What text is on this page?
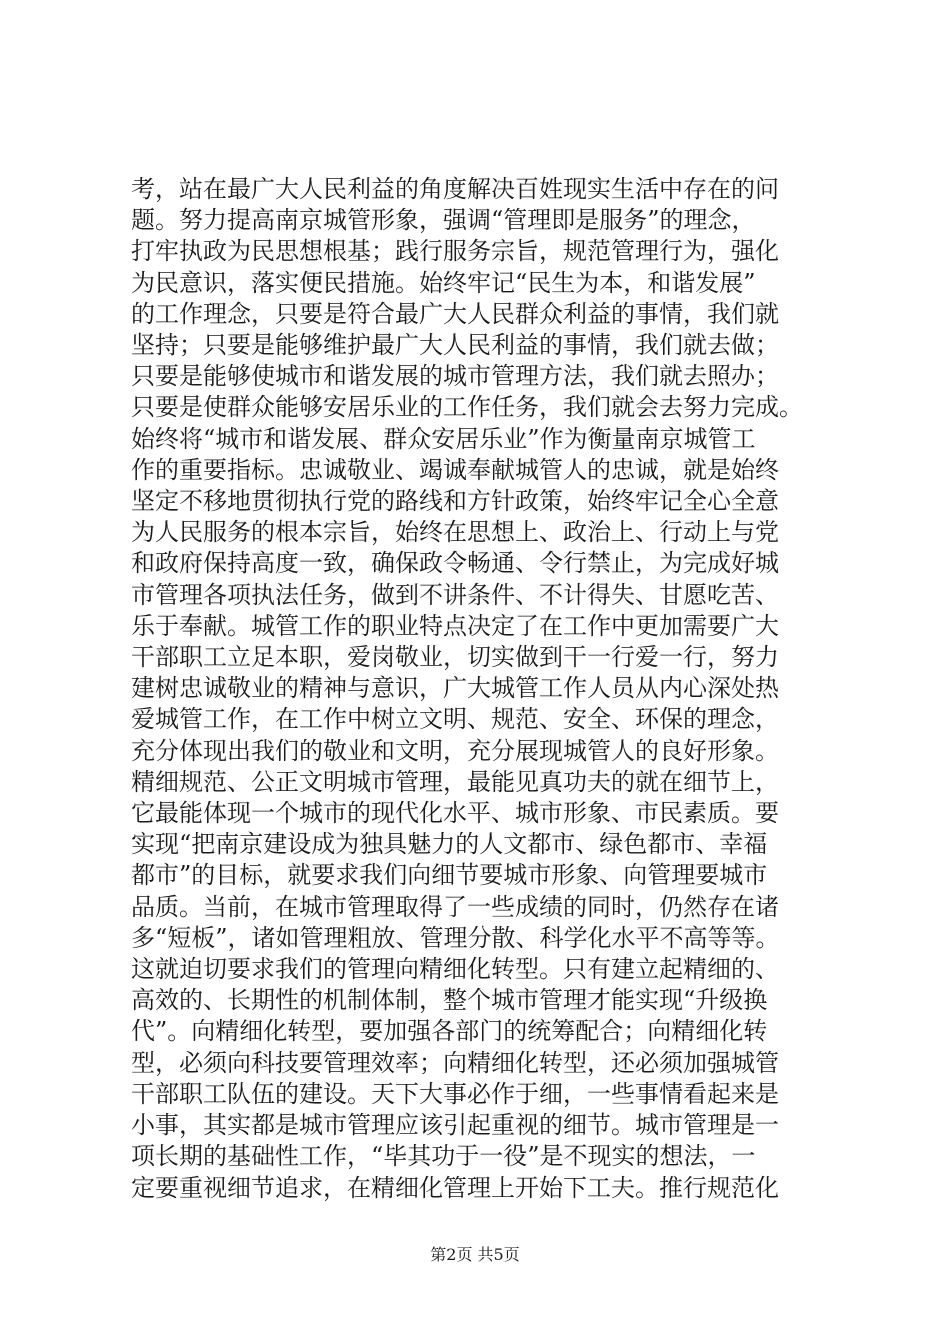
考，站在最广大人民利益的角度解决百姓现实生活中存在的问
题。努力提高南京城管形象，强调“管理即是服务”的理念，
打牢执政为民思想根基；践行服务宗旨，规范管理行为，强化
为民意识，落实便民措施。始终牢记“民生为本，和谐发展”
的工作理念，只要是符合最广大人民群众利益的事情，我们就
坚持；只要是能够维护最广大人民利益的事情，我们就去做；
只要是能够使城市和谐发展的城市管理方法，我们就去照办；
只要是使群众能够安居乐业的工作任务，我们就会去努力完成。
始终将“城市和谐发展、群众安居乐业”作为衡量南京城管工
作的重要指标。忠诚敬业、竭诚奉献城管人的忠诚，就是始终
坚定不移地贯彻执行党的路线和方针政策，始终牢记全心全意
为人民服务的根本宗旨，始终在思想上、政治上、行动上与党
和政府保持高度一致，确保政令畅通、令行禁止，为完成好城
市管理各项执法任务，做到不讲条件、不计得失、甘愿吃苦、
乐于奉献。城管工作的职业特点决定了在工作中更加需要广大
干部职工立足本职，爱岗敬业，切实做到干一行爱一行，努力
建树忠诚敬业的精神与意识，广大城管工作人员从内心深处热
爱城管工作，在工作中树立文明、规范、安全、环保的理念，
充分体现出我们的敬业和文明，充分展现城管人的良好形象。
精细规范、公正文明城市管理，最能见真功夫的就在细节上，
它最能体现一个城市的现代化水平、城市形象、市民素质。要
实现“把南京建设成为独具魅力的人文都市、绿色都市、幸福
都市”的目标，就要求我们向细节要城市形象、向管理要城市
品质。当前，在城市管理取得了一些成绩的同时，仍然存在诸
多“短板”，诸如管理粗放、管理分散、科学化水平不高等等。
这就迫切要求我们的管理向精细化转型。只有建立起精细的、
高效的、长期性的机制体制，整个城市管理才能实现“升级换
代”。向精细化转型，要加强各部门的统筹配合；向精细化转
型，必须向科技要管理效率；向精细化转型，还必须加强城管
干部职工队伍的建设。天下大事必作于细，一些事情看起来是
小事，其实都是城市管理应该引起重视的细节。城市管理是一
项长期的基础性工作，“毕其功于一役”是不现实的想法，一
定要重视细节追求，在精细化管理上开始下工夫。推行规范化
第2页 共5页
